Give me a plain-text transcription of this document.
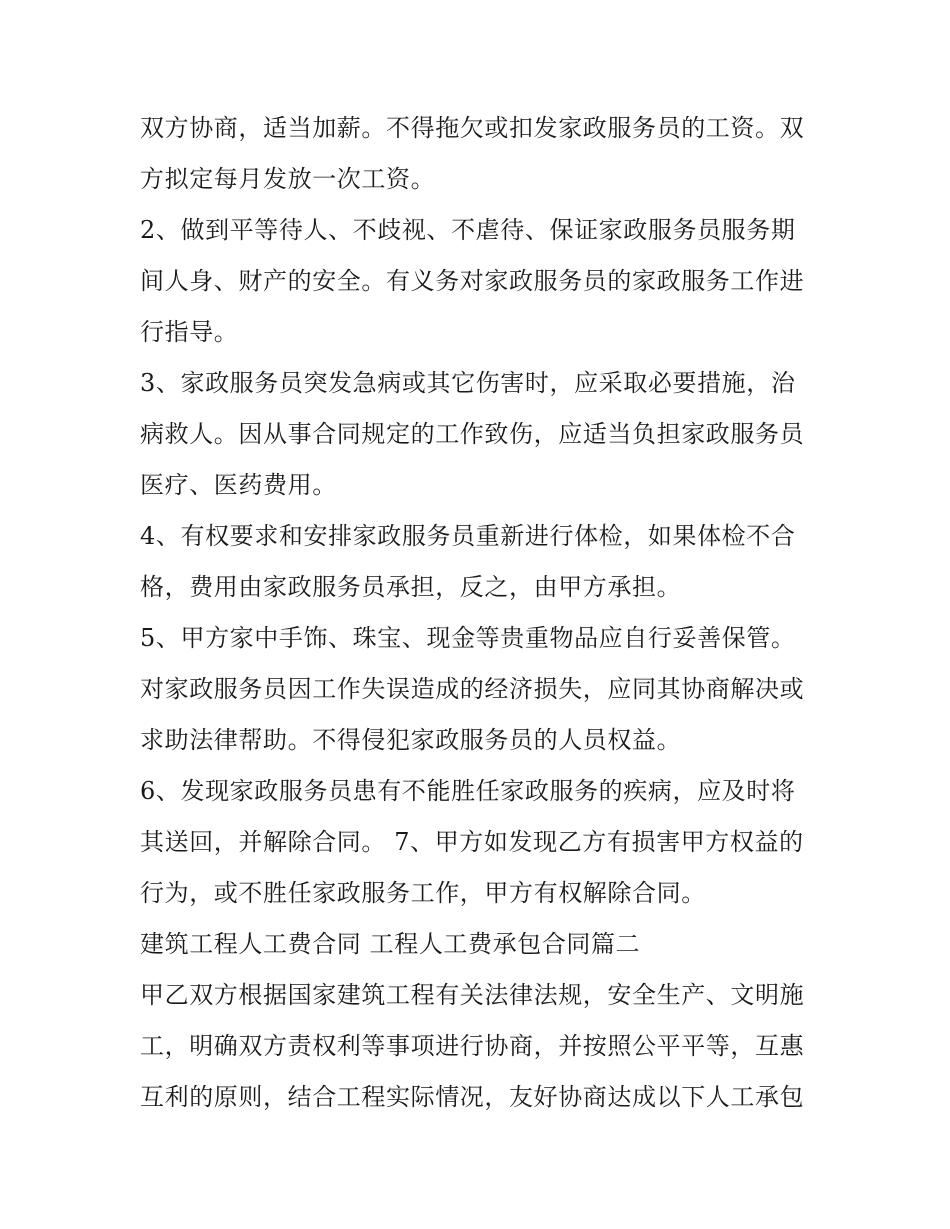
双方协商，适当加薪。不得拖欠或扣发家政服务员的工资。双
方拟定每月发放一次工资。
2、做到平等待人、不歧视、不虐待、保证家政服务员服务期
间人身、财产的安全。有义务对家政服务员的家政服务工作进
行指导。
3、家政服务员突发急病或其它伤害时，应采取必要措施，治
病救人。因从事合同规定的工作致伤，应适当负担家政服务员
医疗、医药费用。
4、有权要求和安排家政服务员重新进行体检，如果体检不合
格，费用由家政服务员承担，反之，由甲方承担。
5、甲方家中手饰、珠宝、现金等贵重物品应自行妥善保管。
对家政服务员因工作失误造成的经济损失，应同其协商解决或
求助法律帮助。不得侵犯家政服务员的人员权益。
6、发现家政服务员患有不能胜任家政服务的疾病，应及时将
其送回，并解除合同。 7、甲方如发现乙方有损害甲方权益的
行为，或不胜任家政服务工作，甲方有权解除合同。
建筑工程人工费合同 工程人工费承包合同篇二
甲乙双方根据国家建筑工程有关法律法规，安全生产、文明施
工，明确双方责权利等事项进行协商，并按照公平平等，互惠
互利的原则，结合工程实际情况，友好协商达成以下人工承包
